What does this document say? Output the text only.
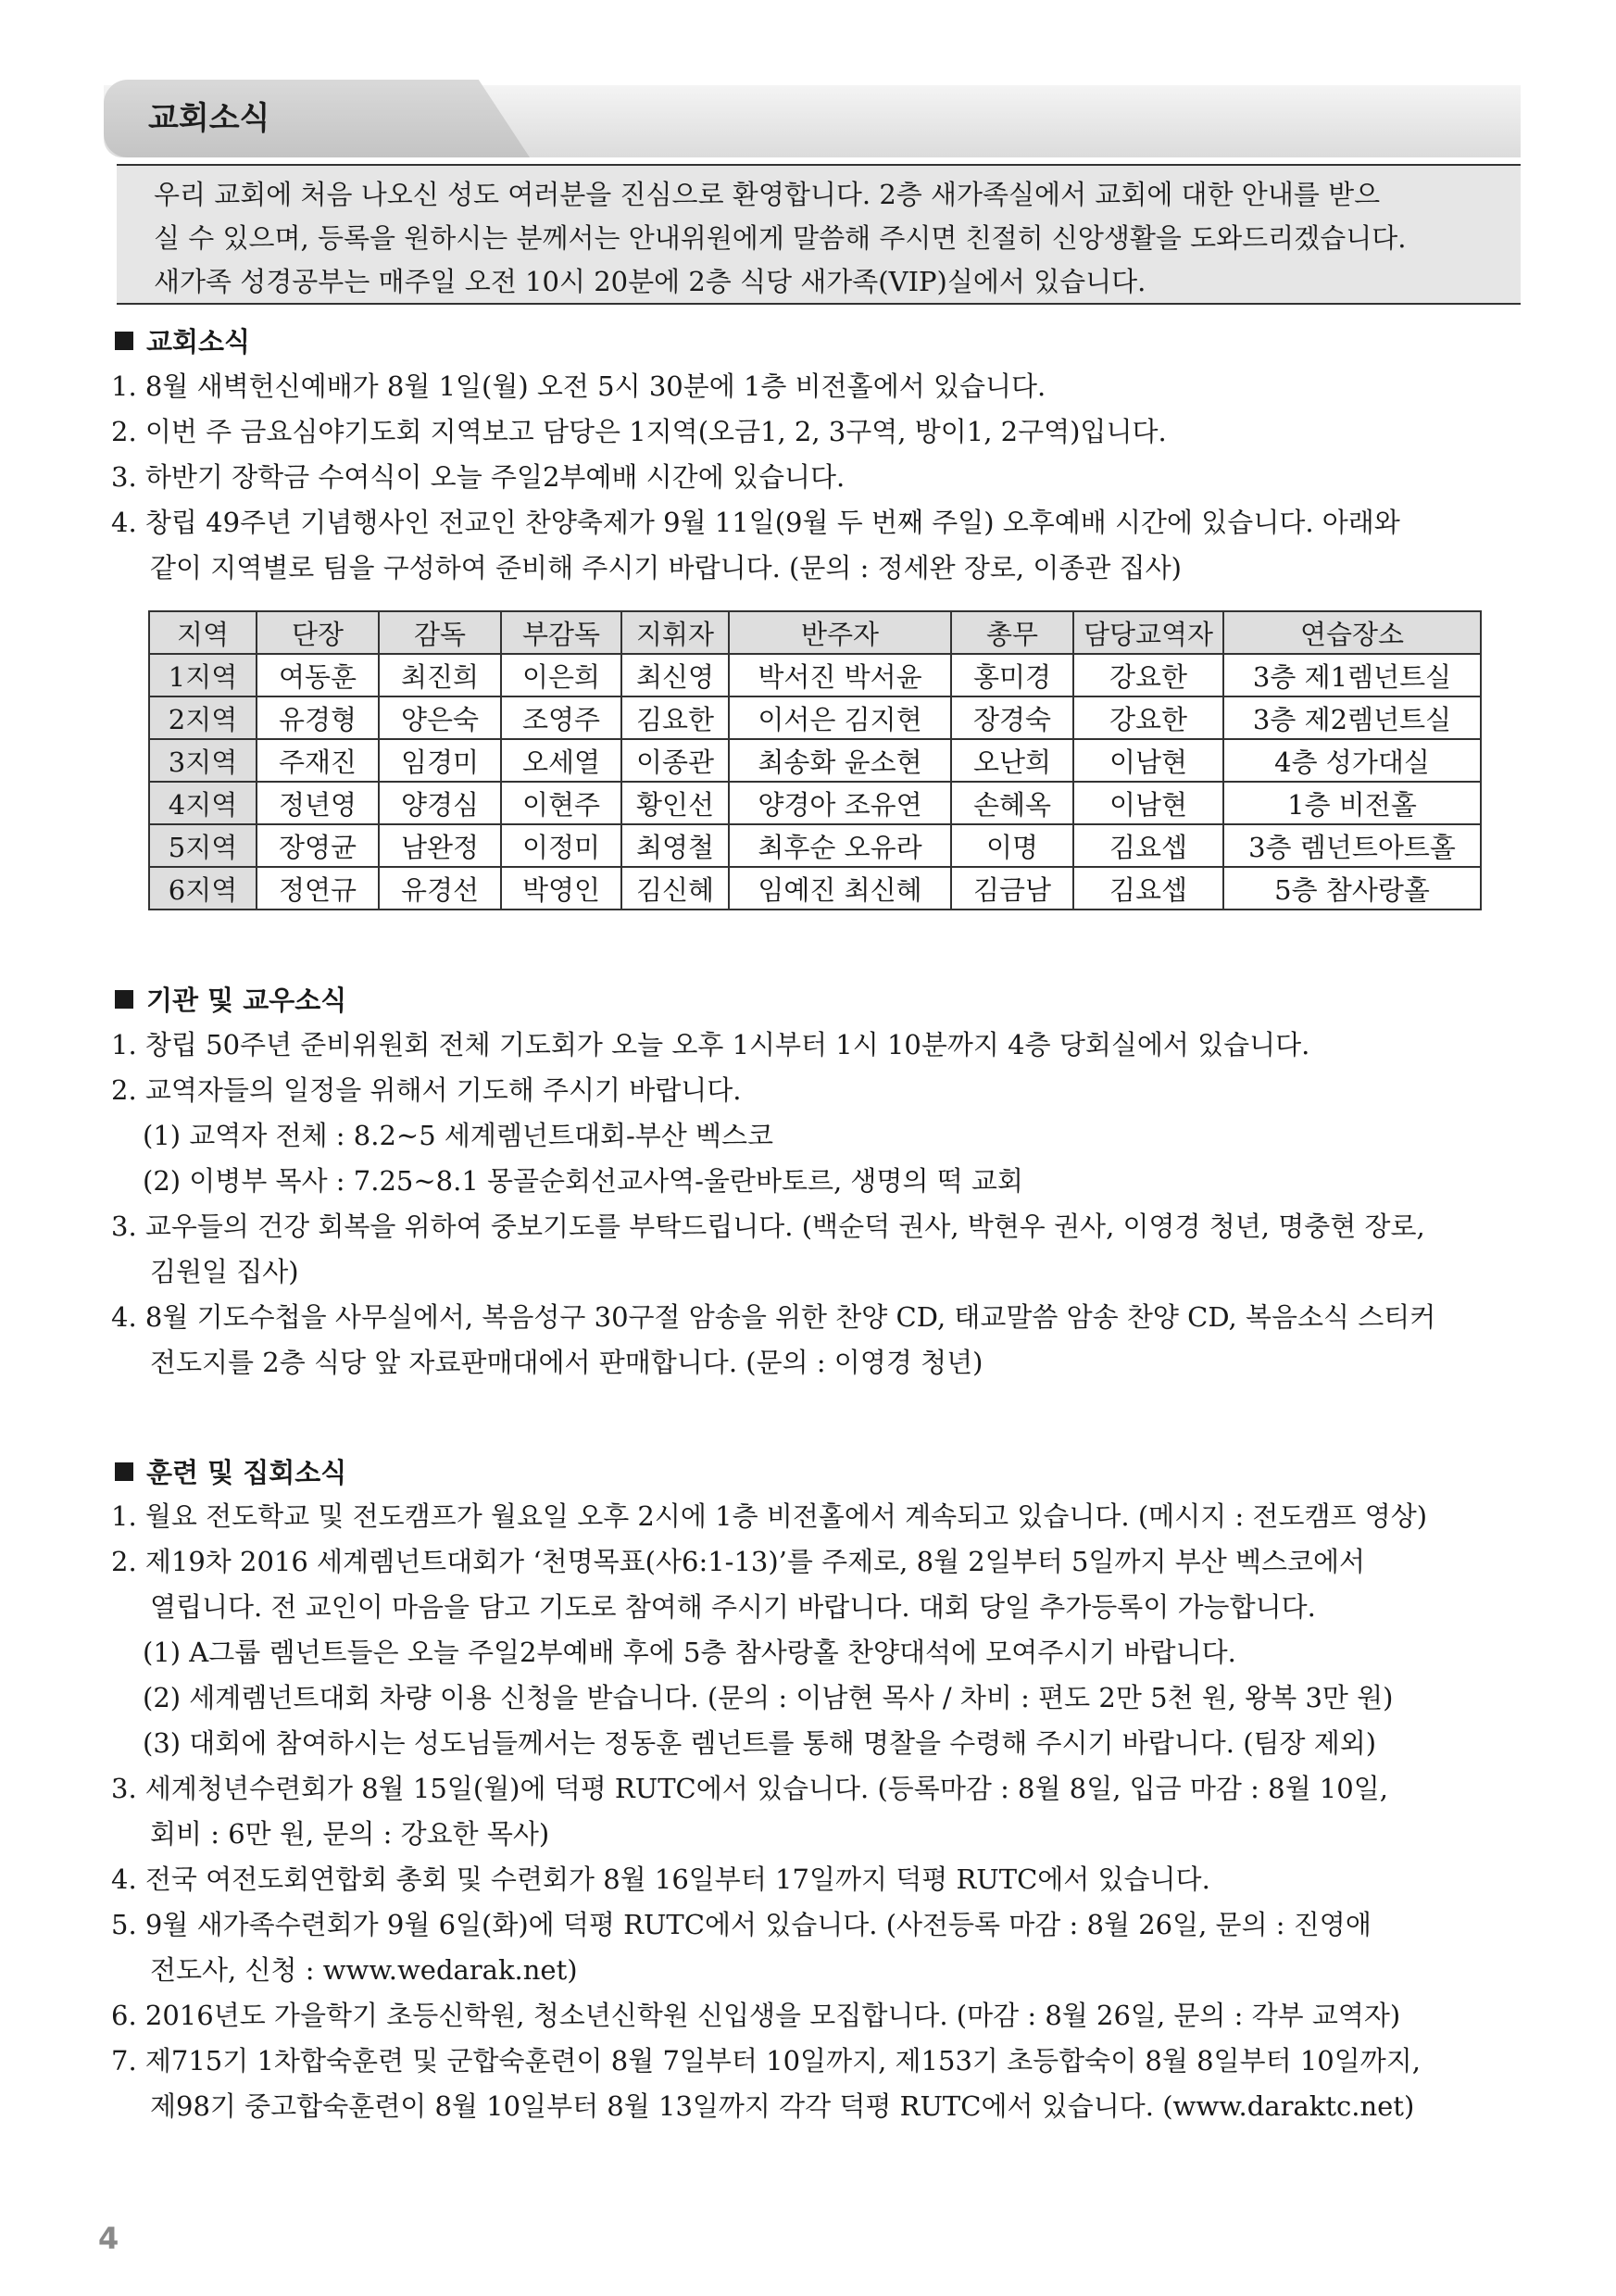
교회소식

우리 교회에 처음 나오신 성도 여러분을 진심으로 환영합니다. 2층 새가족실에서 교회에 대한 안내를 받으

실 수 있으며, 등록을 원하시는 분께서는 안내위원에게 말씀해 주시면 친절히 신앙생활을 도와드리겠습니다.

새가족 성경공부는 매주일 오전 10시 20분에 2층 식당 새가족(VIP)실에서 있습니다.

교회소식
1. 8월 새벽헌신예배가 8월 1일(월) 오전 5시 30분에 1층 비전홀에서 있습니다.
2. 이번 주 금요심야기도회 지역보고 담당은 1지역(오금1, 2, 3구역, 방이1, 2구역)입니다.
3. 하반기 장학금 수여식이 오늘 주일2부예배 시간에 있습니다.
4. 창립 49주년 기념행사인 전교인 찬양축제가 9월 11일(9월 두 번째 주일) 오후예배 시간에 있습니다. 아래와
같이 지역별로 팀을 구성하여 준비해 주시기 바랍니다. (문의 : 정세완 장로, 이종관 집사)
지역	단장	감독	부감독	지휘자	반주자	총무	담당교역자	연습장소
1지역	여동훈	최진희	이은희	최신영	박서진 박서윤	홍미경	강요한	3층 제1렘넌트실
2지역	유경형	양은숙	조영주	김요한	이서은 김지현	장경숙	강요한	3층 제2렘넌트실
3지역	주재진	임경미	오세열	이종관	최송화 윤소현	오난희	이남현	4층 성가대실
4지역	정년영	양경심	이현주	황인선	양경아 조유연	손혜옥	이남현	1층 비전홀
5지역	장영균	남완정	이정미	최영철	최후순 오유라	이명	김요셉	3층 렘넌트아트홀
6지역	정연규	유경선	박영인	김신혜	임예진 최신혜	김금남	김요셉	5층 참사랑홀
기관 및 교우소식
1. 창립 50주년 준비위원회 전체 기도회가 오늘 오후 1시부터 1시 10분까지 4층 당회실에서 있습니다.
2. 교역자들의 일정을 위해서 기도해 주시기 바랍니다.
(1) 교역자 전체 : 8.2~5 세계렘넌트대회-부산 벡스코
(2) 이병부 목사 : 7.25~8.1 몽골순회선교사역-울란바토르, 생명의 떡 교회
3. 교우들의 건강 회복을 위하여 중보기도를 부탁드립니다. (백순덕 권사, 박현우 권사, 이영경 청년, 명충현 장로,
김원일 집사)
4. 8월 기도수첩을 사무실에서, 복음성구 30구절 암송을 위한 찬양 CD, 태교말씀 암송 찬양 CD, 복음소식 스티커
전도지를 2층 식당 앞 자료판매대에서 판매합니다. (문의 : 이영경 청년)
훈련 및 집회소식
1. 월요 전도학교 및 전도캠프가 월요일 오후 2시에 1층 비전홀에서 계속되고 있습니다. (메시지 : 전도캠프 영상)
2. 제19차 2016 세계렘넌트대회가 ‘천명목표(사6:1-13)’를 주제로, 8월 2일부터 5일까지 부산 벡스코에서
열립니다. 전 교인이 마음을 담고 기도로 참여해 주시기 바랍니다. 대회 당일 추가등록이 가능합니다.
(1) A그룹 렘넌트들은 오늘 주일2부예배 후에 5층 참사랑홀 찬양대석에 모여주시기 바랍니다.
(2) 세계렘넌트대회 차량 이용 신청을 받습니다. (문의 : 이남현 목사 / 차비 : 편도 2만 5천 원, 왕복 3만 원)
(3) 대회에 참여하시는 성도님들께서는 정동훈 렘넌트를 통해 명찰을 수령해 주시기 바랍니다. (팀장 제외)
3. 세계청년수련회가 8월 15일(월)에 덕평 RUTC에서 있습니다. (등록마감 : 8월 8일, 입금 마감 : 8월 10일,
회비 : 6만 원, 문의 : 강요한 목사)
4. 전국 여전도회연합회 총회 및 수련회가 8월 16일부터 17일까지 덕평 RUTC에서 있습니다.
5. 9월 새가족수련회가 9월 6일(화)에 덕평 RUTC에서 있습니다. (사전등록 마감 : 8월 26일, 문의 : 진영애
전도사, 신청 : www.wedarak.net)
6. 2016년도 가을학기 초등신학원, 청소년신학원 신입생을 모집합니다. (마감 : 8월 26일, 문의 : 각부 교역자)
7. 제715기 1차합숙훈련 및 군합숙훈련이 8월 7일부터 10일까지, 제153기 초등합숙이 8월 8일부터 10일까지,
제98기 중고합숙훈련이 8월 10일부터 8월 13일까지 각각 덕평 RUTC에서 있습니다. (www.daraktc.net)
4
